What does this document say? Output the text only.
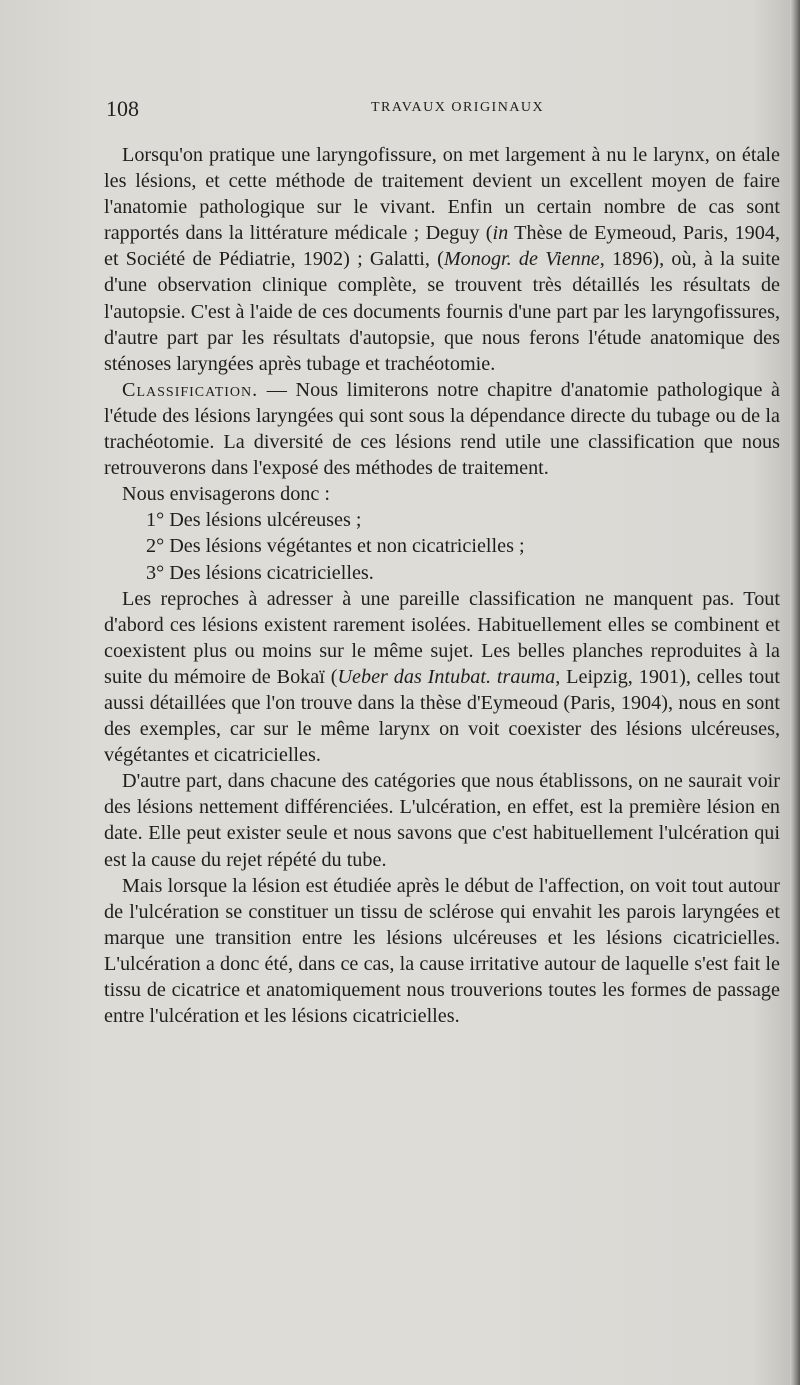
108	TRAVAUX ORIGINAUX

Lorsqu'on pratique une laryngofissure, on met largement à nu le larynx, on étale les lésions, et cette méthode de traitement devient un excellent moyen de faire l'anatomie pathologique sur le vivant. Enfin un certain nombre de cas sont rapportés dans la littérature médicale ; Deguy (in Thèse de Eymeoud, Paris, 1904, et Société de Pédiatrie, 1902) ; Galatti, (Monogr. de Vienne, 1896), où, à la suite d'une observation clinique complète, se trouvent très détaillés les résultats de l'autopsie. C'est à l'aide de ces documents fournis d'une part par les laryngofissures, d'autre part par les résultats d'autopsie, que nous ferons l'étude anatomique des sténoses laryngées après tubage et trachéotomie.

Classification. — Nous limiterons notre chapitre d'anatomie pathologique à l'étude des lésions laryngées qui sont sous la dépendance directe du tubage ou de la trachéotomie. La diversité de ces lésions rend utile une classification que nous retrouverons dans l'exposé des méthodes de traitement.

Nous envisagerons donc :

1° Des lésions ulcéreuses ;

2° Des lésions végétantes et non cicatricielles ;

3° Des lésions cicatricielles.

Les reproches à adresser à une pareille classification ne manquent pas. Tout d'abord ces lésions existent rarement isolées. Habituellement elles se combinent et coexistent plus ou moins sur le même sujet. Les belles planches reproduites à la suite du mémoire de Bokaï (Ueber das Intubat. trauma, Leipzig, 1901), celles tout aussi détaillées que l'on trouve dans la thèse d'Eymeoud (Paris, 1904), nous en sont des exemples, car sur le même larynx on voit coexister des lésions ulcéreuses, végétantes et cicatricielles.

D'autre part, dans chacune des catégories que nous établissons, on ne saurait voir des lésions nettement différenciées. L'ulcération, en effet, est la première lésion en date. Elle peut exister seule et nous savons que c'est habituellement l'ulcération qui est la cause du rejet répété du tube.

Mais lorsque la lésion est étudiée après le début de l'affection, on voit tout autour de l'ulcération se constituer un tissu de sclérose qui envahit les parois laryngées et marque une transition entre les lésions ulcéreuses et les lésions cicatricielles. L'ulcération a donc été, dans ce cas, la cause irritative autour de laquelle s'est fait le tissu de cicatrice et anatomiquement nous trouverions toutes les formes de passage entre l'ulcération et les lésions cicatricielles.
